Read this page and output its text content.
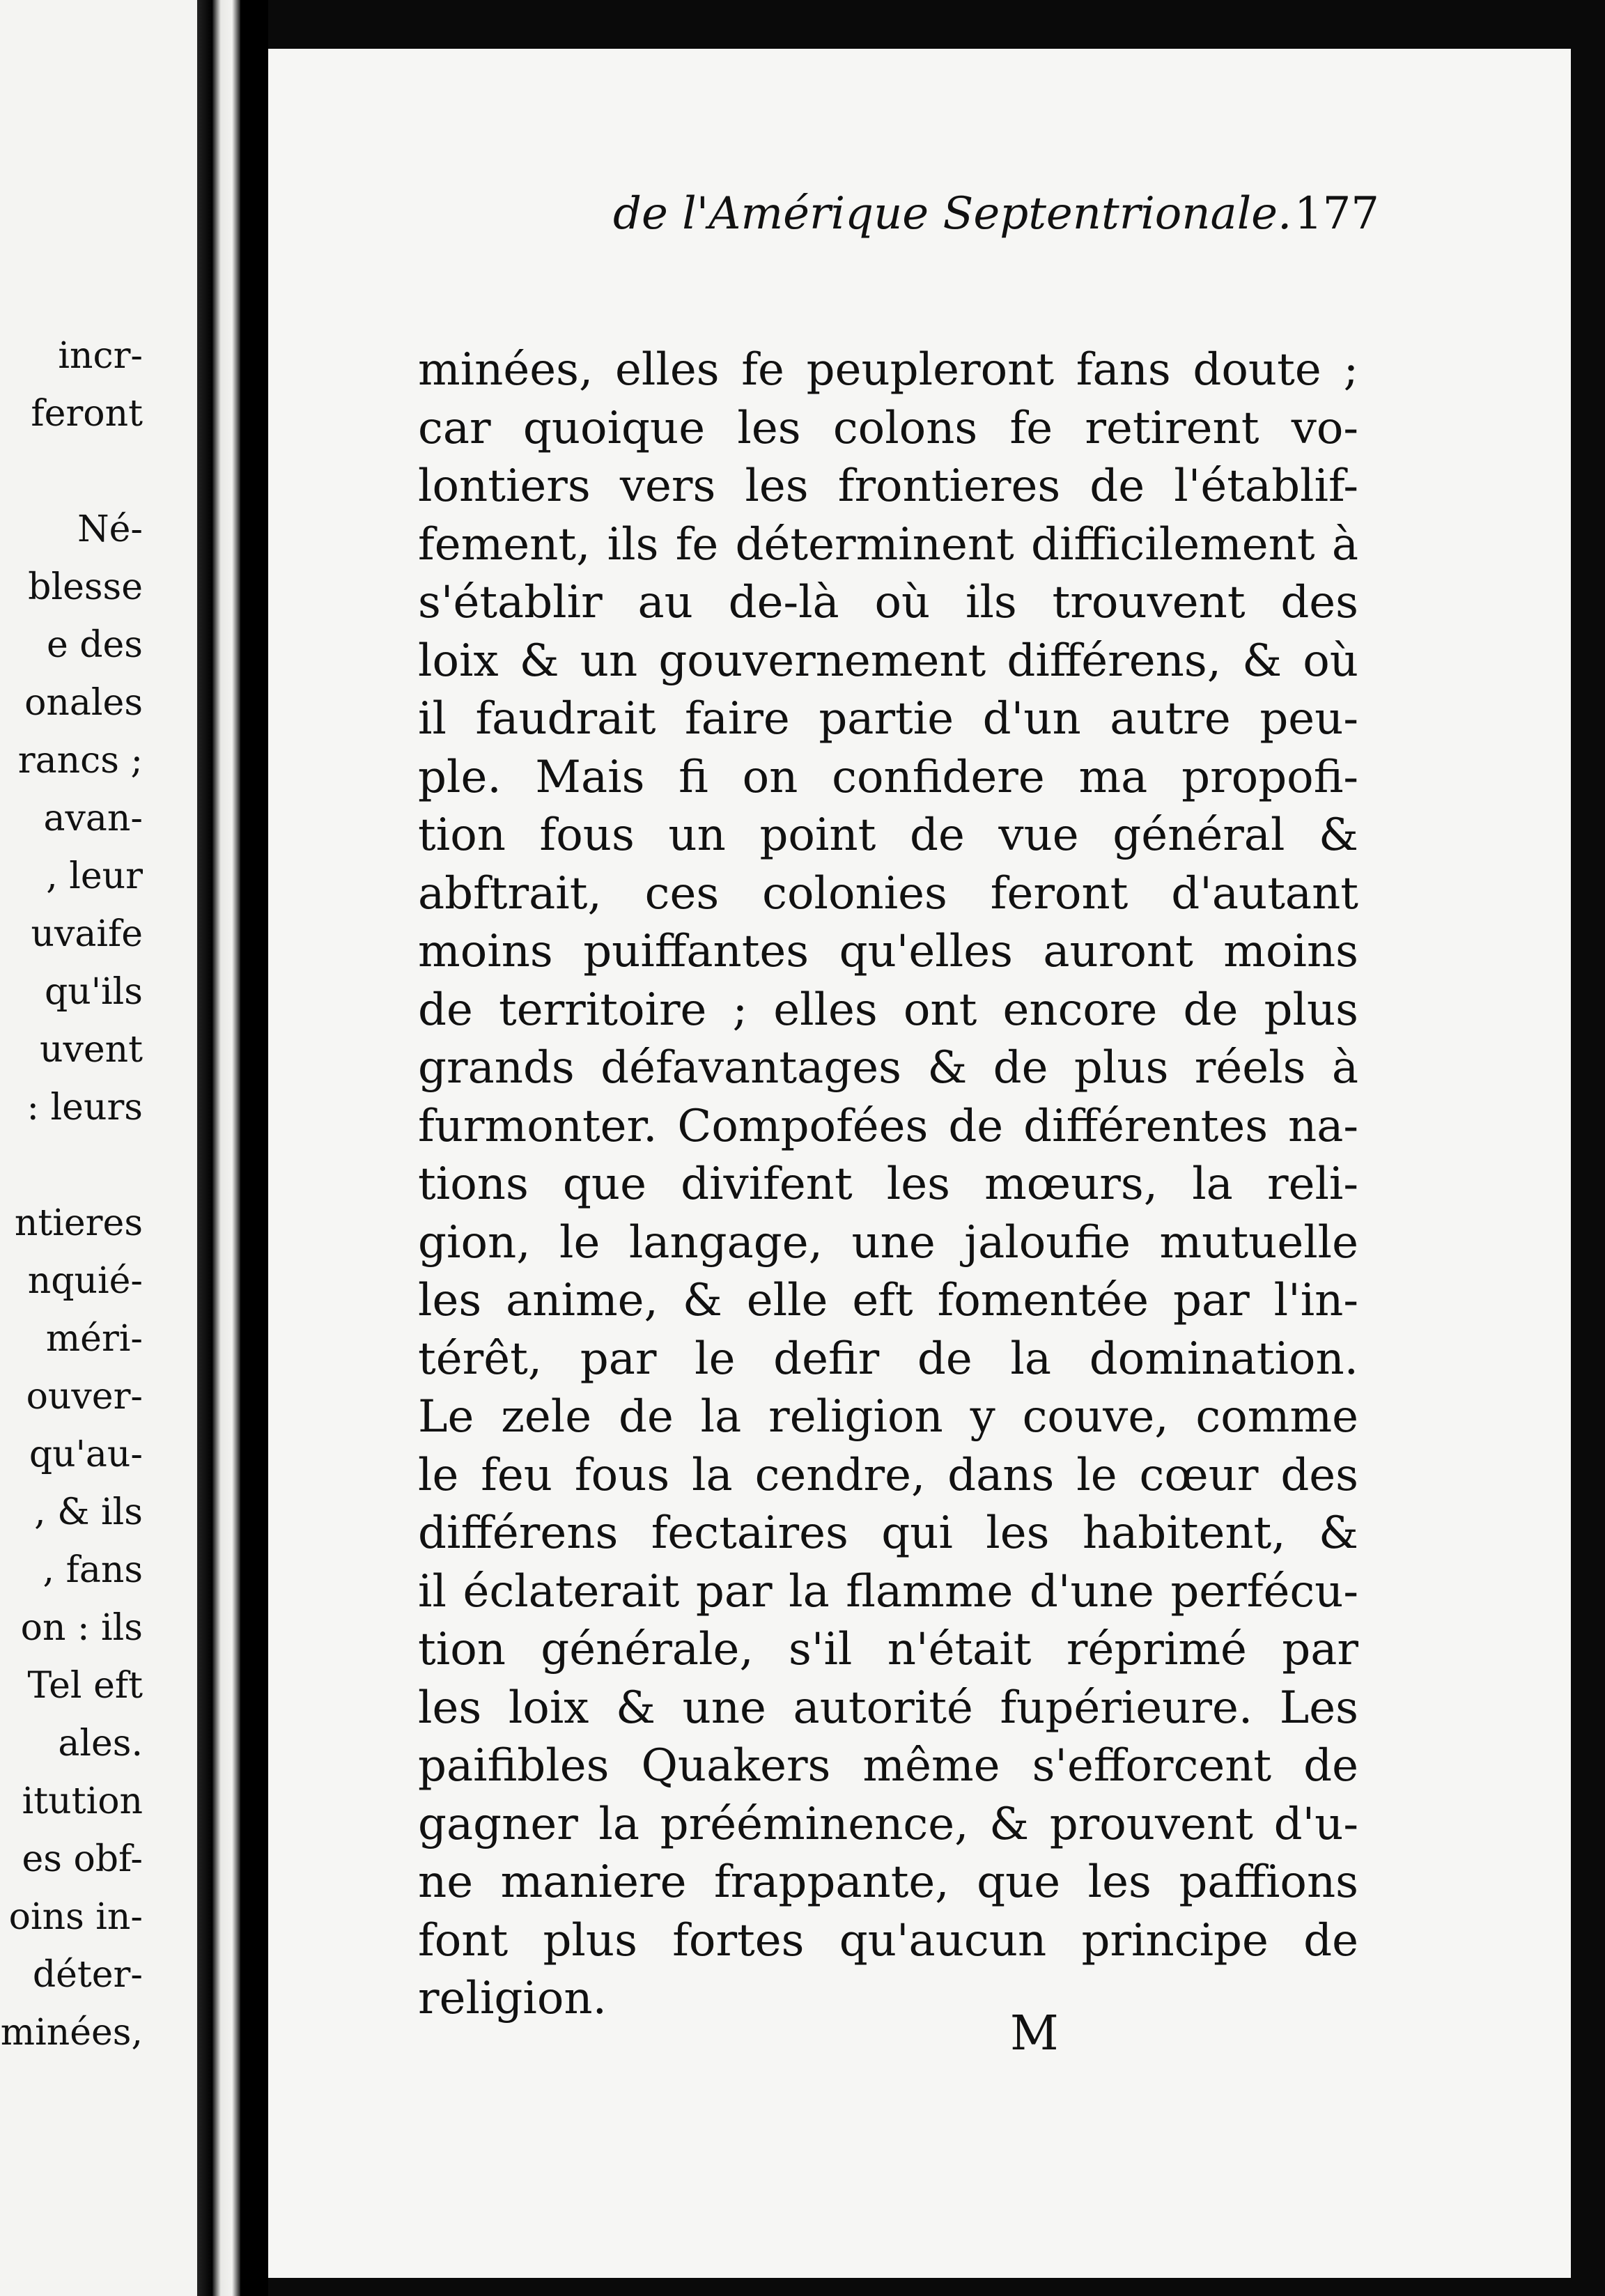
incr-
feront
Né-
blesse
e des
onales
rancs ;
avan-
, leur
uvaife
qu'ils
uvent
: leurs
ntieres
nquié-
méri-
ouver-
qu'au-
, & ils
, fans
on : ils
Tel eft
ales.
itution
es obf-
oins in-
déter-
minées,
de l'Amérique Septentrionale. 177
minées, elles fe peupleront fans doute ;
car quoique les colons fe retirent vo-
lontiers vers les frontieres de l'établif-
fement, ils fe déterminent difficilement à
s'établir au de-là où ils trouvent des
loix & un gouvernement différens, & où
il faudrait faire partie d'un autre peu-
ple. Mais fi on confidere ma propofi-
tion fous un point de vue général &
abftrait, ces colonies feront d'autant
moins puiffantes qu'elles auront moins
de territoire ; elles ont encore de plus
grands défavantages & de plus réels à
furmonter. Compofées de différentes na-
tions que divifent les mœurs, la reli-
gion, le langage, une jaloufie mutuelle
les anime, & elle eft fomentée par l'in-
térêt, par le defir de la domination.
Le zele de la religion y couve, comme
le feu fous la cendre, dans le cœur des
différens fectaires qui les habitent, &
il éclaterait par la flamme d'une perfécu-
tion générale, s'il n'était réprimé par
les loix & une autorité fupérieure. Les
paifibles Quakers même s'efforcent de
gagner la prééminence, & prouvent d'u-
ne maniere frappante, que les paffions
font plus fortes qu'aucun principe de
religion.
M
